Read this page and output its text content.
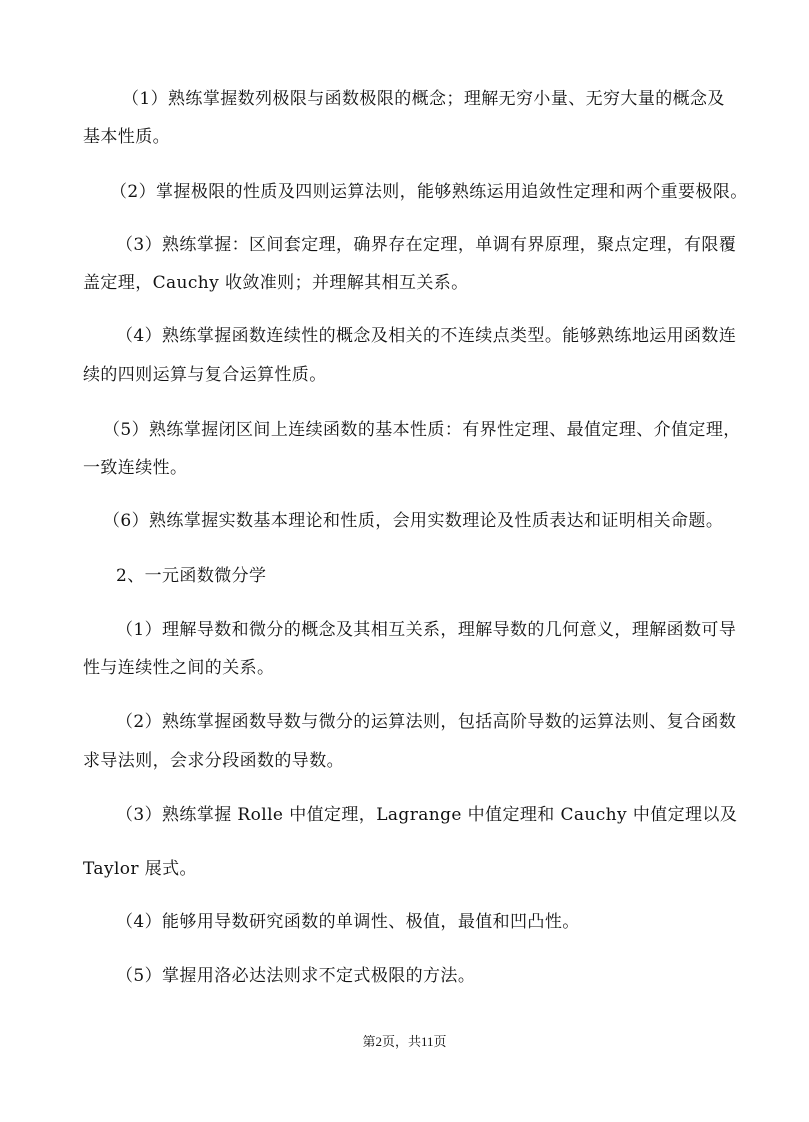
（1）熟练掌握数列极限与函数极限的概念；理解无穷小量、无穷大量的概念及
基本性质。
（2）掌握极限的性质及四则运算法则，能够熟练运用追敛性定理和两个重要极限。
（3）熟练掌握：区间套定理，确界存在定理，单调有界原理，聚点定理，有限覆
盖定理，Cauchy 收敛准则；并理解其相互关系。
（4）熟练掌握函数连续性的概念及相关的不连续点类型。能够熟练地运用函数连
续的四则运算与复合运算性质。
（5）熟练掌握闭区间上连续函数的基本性质：有界性定理、最值定理、介值定理，
一致连续性。
（6）熟练掌握实数基本理论和性质，会用实数理论及性质表达和证明相关命题。
2、一元函数微分学
（1）理解导数和微分的概念及其相互关系，理解导数的几何意义，理解函数可导
性与连续性之间的关系。
（2）熟练掌握函数导数与微分的运算法则，包括高阶导数的运算法则、复合函数
求导法则，会求分段函数的导数。
（3）熟练掌握 Rolle 中值定理，Lagrange 中值定理和 Cauchy 中值定理以及
Taylor 展式。
（4）能够用导数研究函数的单调性、极值，最值和凹凸性。
（5）掌握用洛必达法则求不定式极限的方法。
第2页，共11页
